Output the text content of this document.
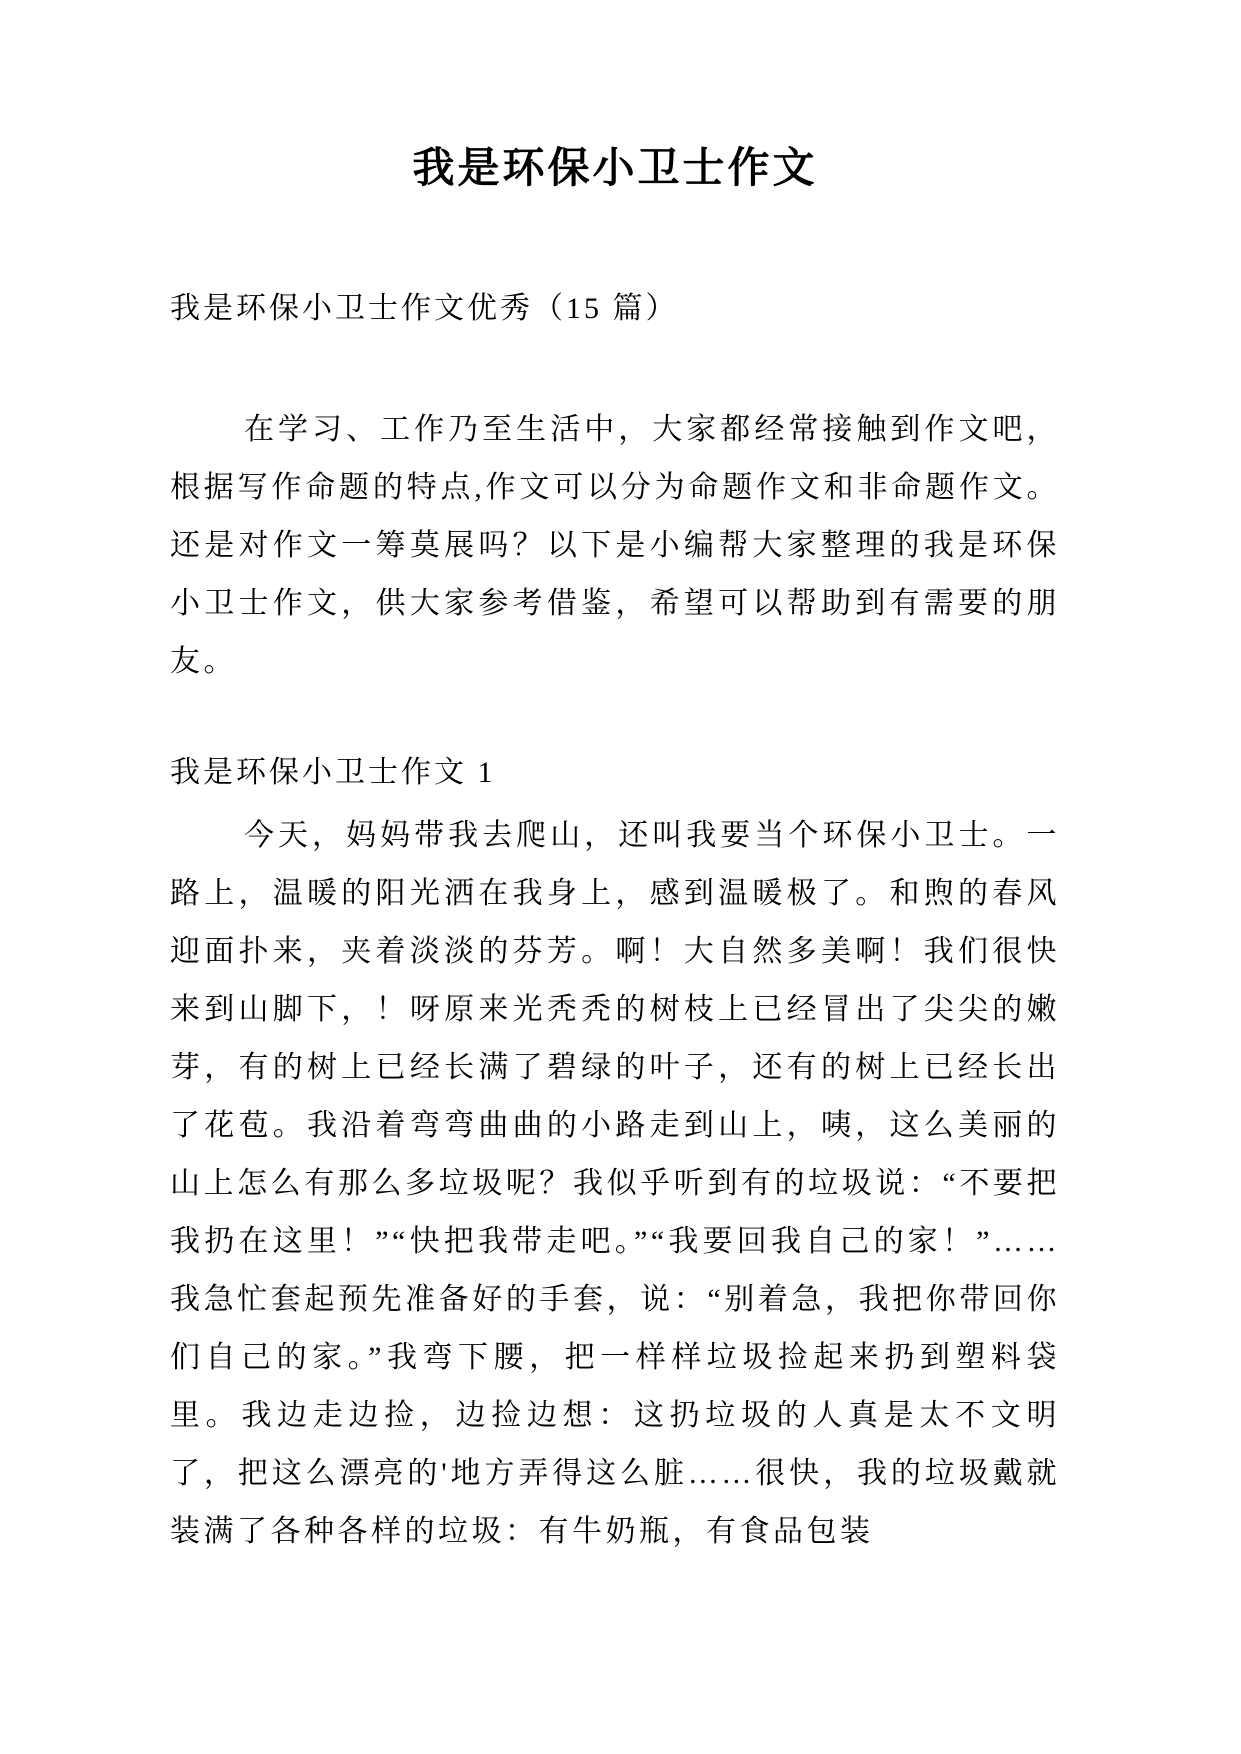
我是环保小卫士作文

我是环保小卫士作文优秀（15 篇）

在学习、工作乃至生活中，大家都经常接触到作文吧，根据写作命题的特点,作文可以分为命题作文和非命题作文。还是对作文一筹莫展吗？以下是小编帮大家整理的我是环保小卫士作文，供大家参考借鉴，希望可以帮助到有需要的朋友。

我是环保小卫士作文 1

今天，妈妈带我去爬山，还叫我要当个环保小卫士。一路上，温暖的阳光洒在我身上，感到温暖极了。和煦的春风迎面扑来，夹着淡淡的芬芳。啊！大自然多美啊！我们很快来到山脚下，！呀原来光秃秃的树枝上已经冒出了尖尖的嫩芽，有的树上已经长满了碧绿的叶子，还有的树上已经长出了花苞。我沿着弯弯曲曲的小路走到山上，咦，这么美丽的山上怎么有那么多垃圾呢？我似乎听到有的垃圾说：“不要把我扔在这里！”“快把我带走吧。”“我要回我自己的家！”……我急忙套起预先准备好的手套，说：“别着急，我把你带回你们自己的家。”我弯下腰，把一样样垃圾捡起来扔到塑料袋里。我边走边捡，边捡边想：这扔垃圾的人真是太不文明了，把这么漂亮的'地方弄得这么脏……很快，我的垃圾戴就装满了各种各样的垃圾：有牛奶瓶，有食品包装
